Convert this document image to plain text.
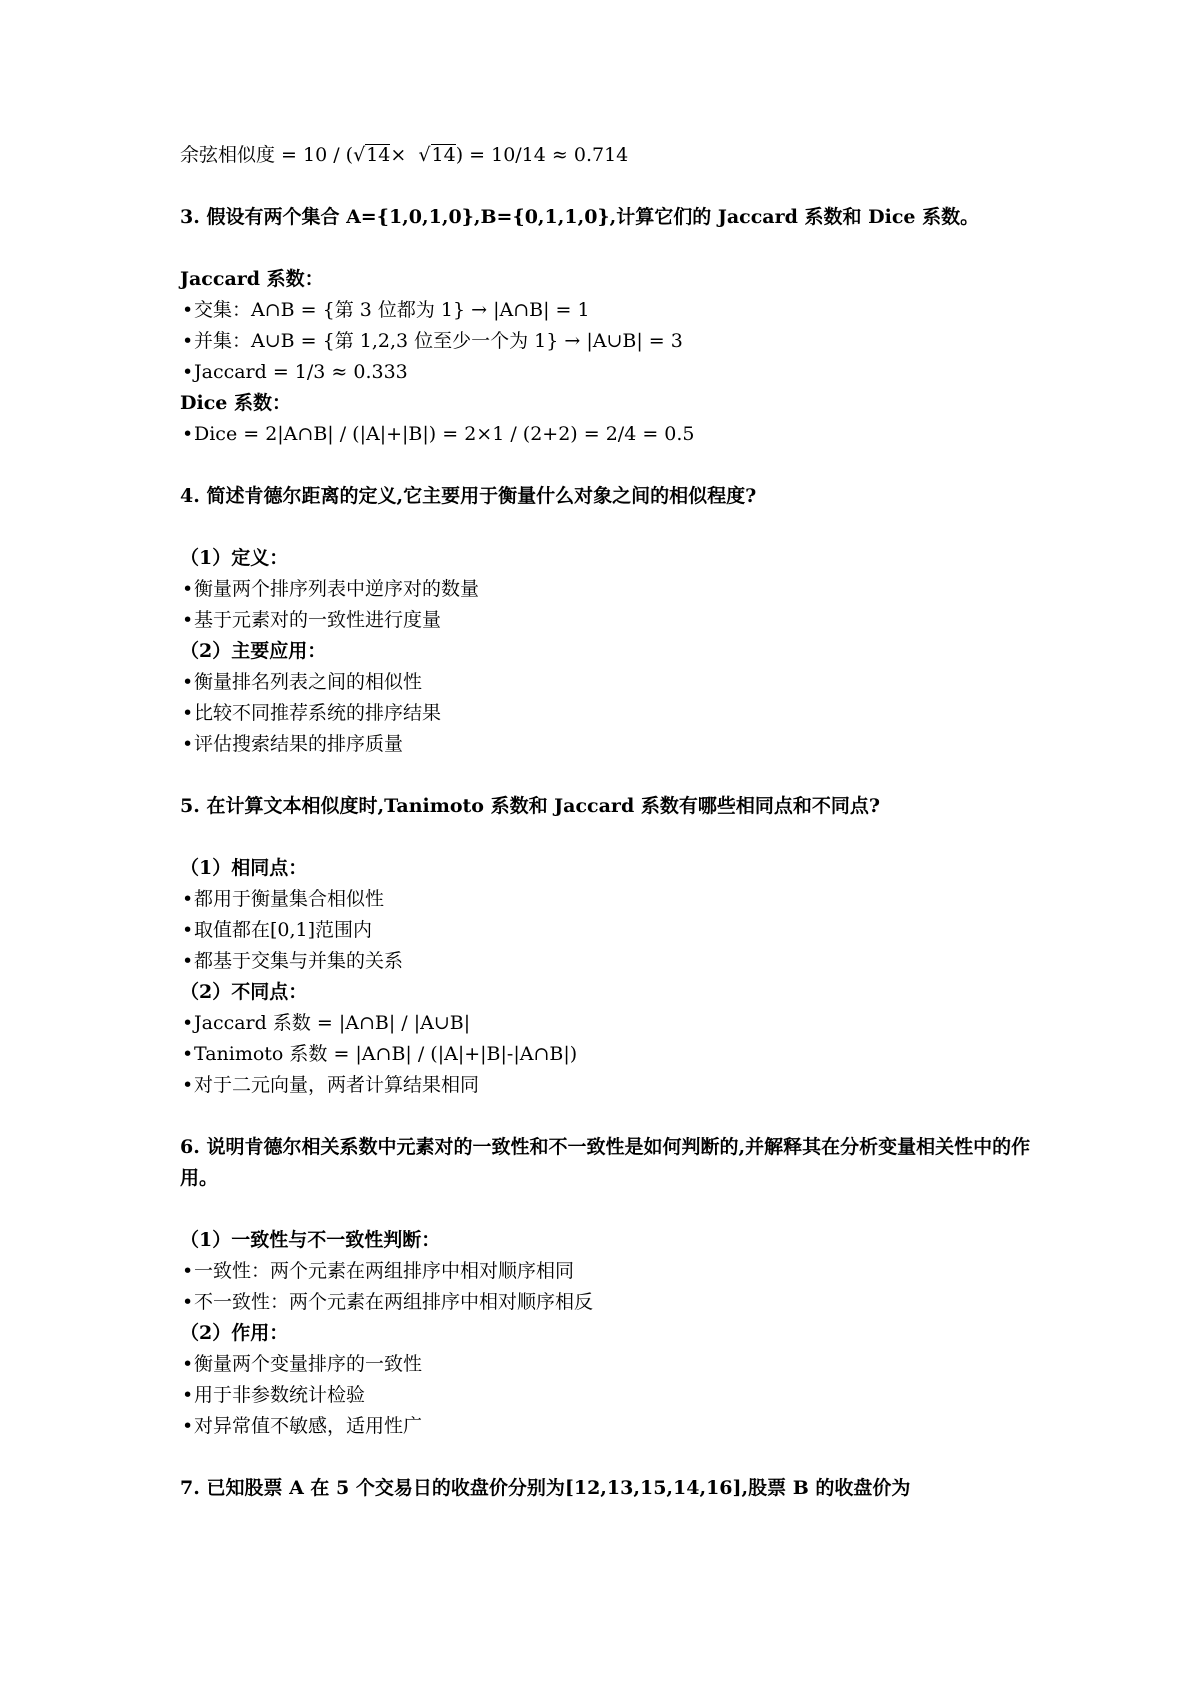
余弦相似度 = 10 / (√14× √14) = 10/14 ≈ 0.714
3. 假设有两个集合 A={1,0,1,0},B={0,1,1,0},计算它们的 Jaccard 系数和 Dice 系数。
Jaccard 系数：
• 交集：A∩B = {第 3 位都为 1} → |A∩B| = 1
• 并集：A∪B = {第 1,2,3 位至少一个为 1} → |A∪B| = 3
• Jaccard = 1/3 ≈ 0.333
Dice 系数：
• Dice = 2|A∩B| / (|A|+|B|) = 2×1 / (2+2) = 2/4 = 0.5
4. 简述肯德尔距离的定义,它主要用于衡量什么对象之间的相似程度?
（1）定义：
• 衡量两个排序列表中逆序对的数量
• 基于元素对的一致性进行度量
（2）主要应用：
• 衡量排名列表之间的相似性
• 比较不同推荐系统的排序结果
• 评估搜索结果的排序质量
5. 在计算文本相似度时,Tanimoto 系数和 Jaccard 系数有哪些相同点和不同点?
（1）相同点：
• 都用于衡量集合相似性
• 取值都在[0,1]范围内
• 都基于交集与并集的关系
（2）不同点：
• Jaccard 系数 = |A∩B| / |A∪B|
• Tanimoto 系数 = |A∩B| / (|A|+|B|-|A∩B|)
• 对于二元向量，两者计算结果相同
6. 说明肯德尔相关系数中元素对的一致性和不一致性是如何判断的,并解释其在分析变量相关性中的作用。
（1）一致性与不一致性判断：
• 一致性：两个元素在两组排序中相对顺序相同
• 不一致性：两个元素在两组排序中相对顺序相反
（2）作用：
• 衡量两个变量排序的一致性
• 用于非参数统计检验
• 对异常值不敏感，适用性广
7. 已知股票 A 在 5 个交易日的收盘价分别为[12,13,15,14,16],股票 B 的收盘价为
